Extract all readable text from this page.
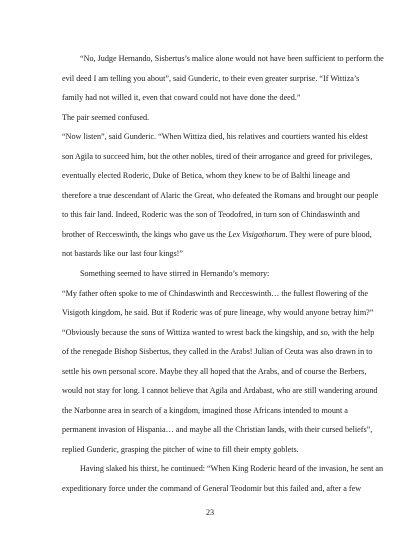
“No, Judge Hernando, Sisbertus’s malice alone would not have been sufficient to perform the
evil deed I am telling you about”, said Gunderic, to their even greater surprise. “If Wittiza’s
family had not willed it, even that coward could not have done the deed.”
The pair seemed confused.
“Now listen”, said Gunderic. “When Wittiza died, his relatives and courtiers wanted his eldest
son Agila to succeed him, but the other nobles, tired of their arrogance and greed for privileges,
eventually elected Roderic, Duke of Betica, whom they knew to be of Balthi lineage and
therefore a true descendant of Alaric the Great, who defeated the Romans and brought our people
to this fair land. Indeed, Roderic was the son of Teodofred, in turn son of Chindaswinth and
brother of Recceswinth, the kings who gave us the Lex Visigothorum. They were of pure blood,
not bastards like our last four kings!”
Something seemed to have stirred in Hernando’s memory:
“My father often spoke to me of Chindaswinth and Recceswinth… the fullest flowering of the
Visigoth kingdom, he said. But if Roderic was of pure lineage, why would anyone betray him?”
“Obviously because the sons of Wittiza wanted to wrest back the kingship, and so, with the help
of the renegade Bishop Sisbertus, they called in the Arabs! Julian of Ceuta was also drawn in to
settle his own personal score. Maybe they all hoped that the Arabs, and of course the Berbers,
would not stay for long. I cannot believe that Agila and Ardabast, who are still wandering around
the Narbonne area in search of a kingdom, imagined those Africans intended to mount a
permanent invasion of Hispania… and maybe all the Christian lands, with their cursed beliefs”,
replied Gunderic, grasping the pitcher of wine to fill their empty goblets.
Having slaked his thirst, he continued: “When King Roderic heard of the invasion, he sent an
expeditionary force under the command of General Teodomir but this failed and, after a few
23
